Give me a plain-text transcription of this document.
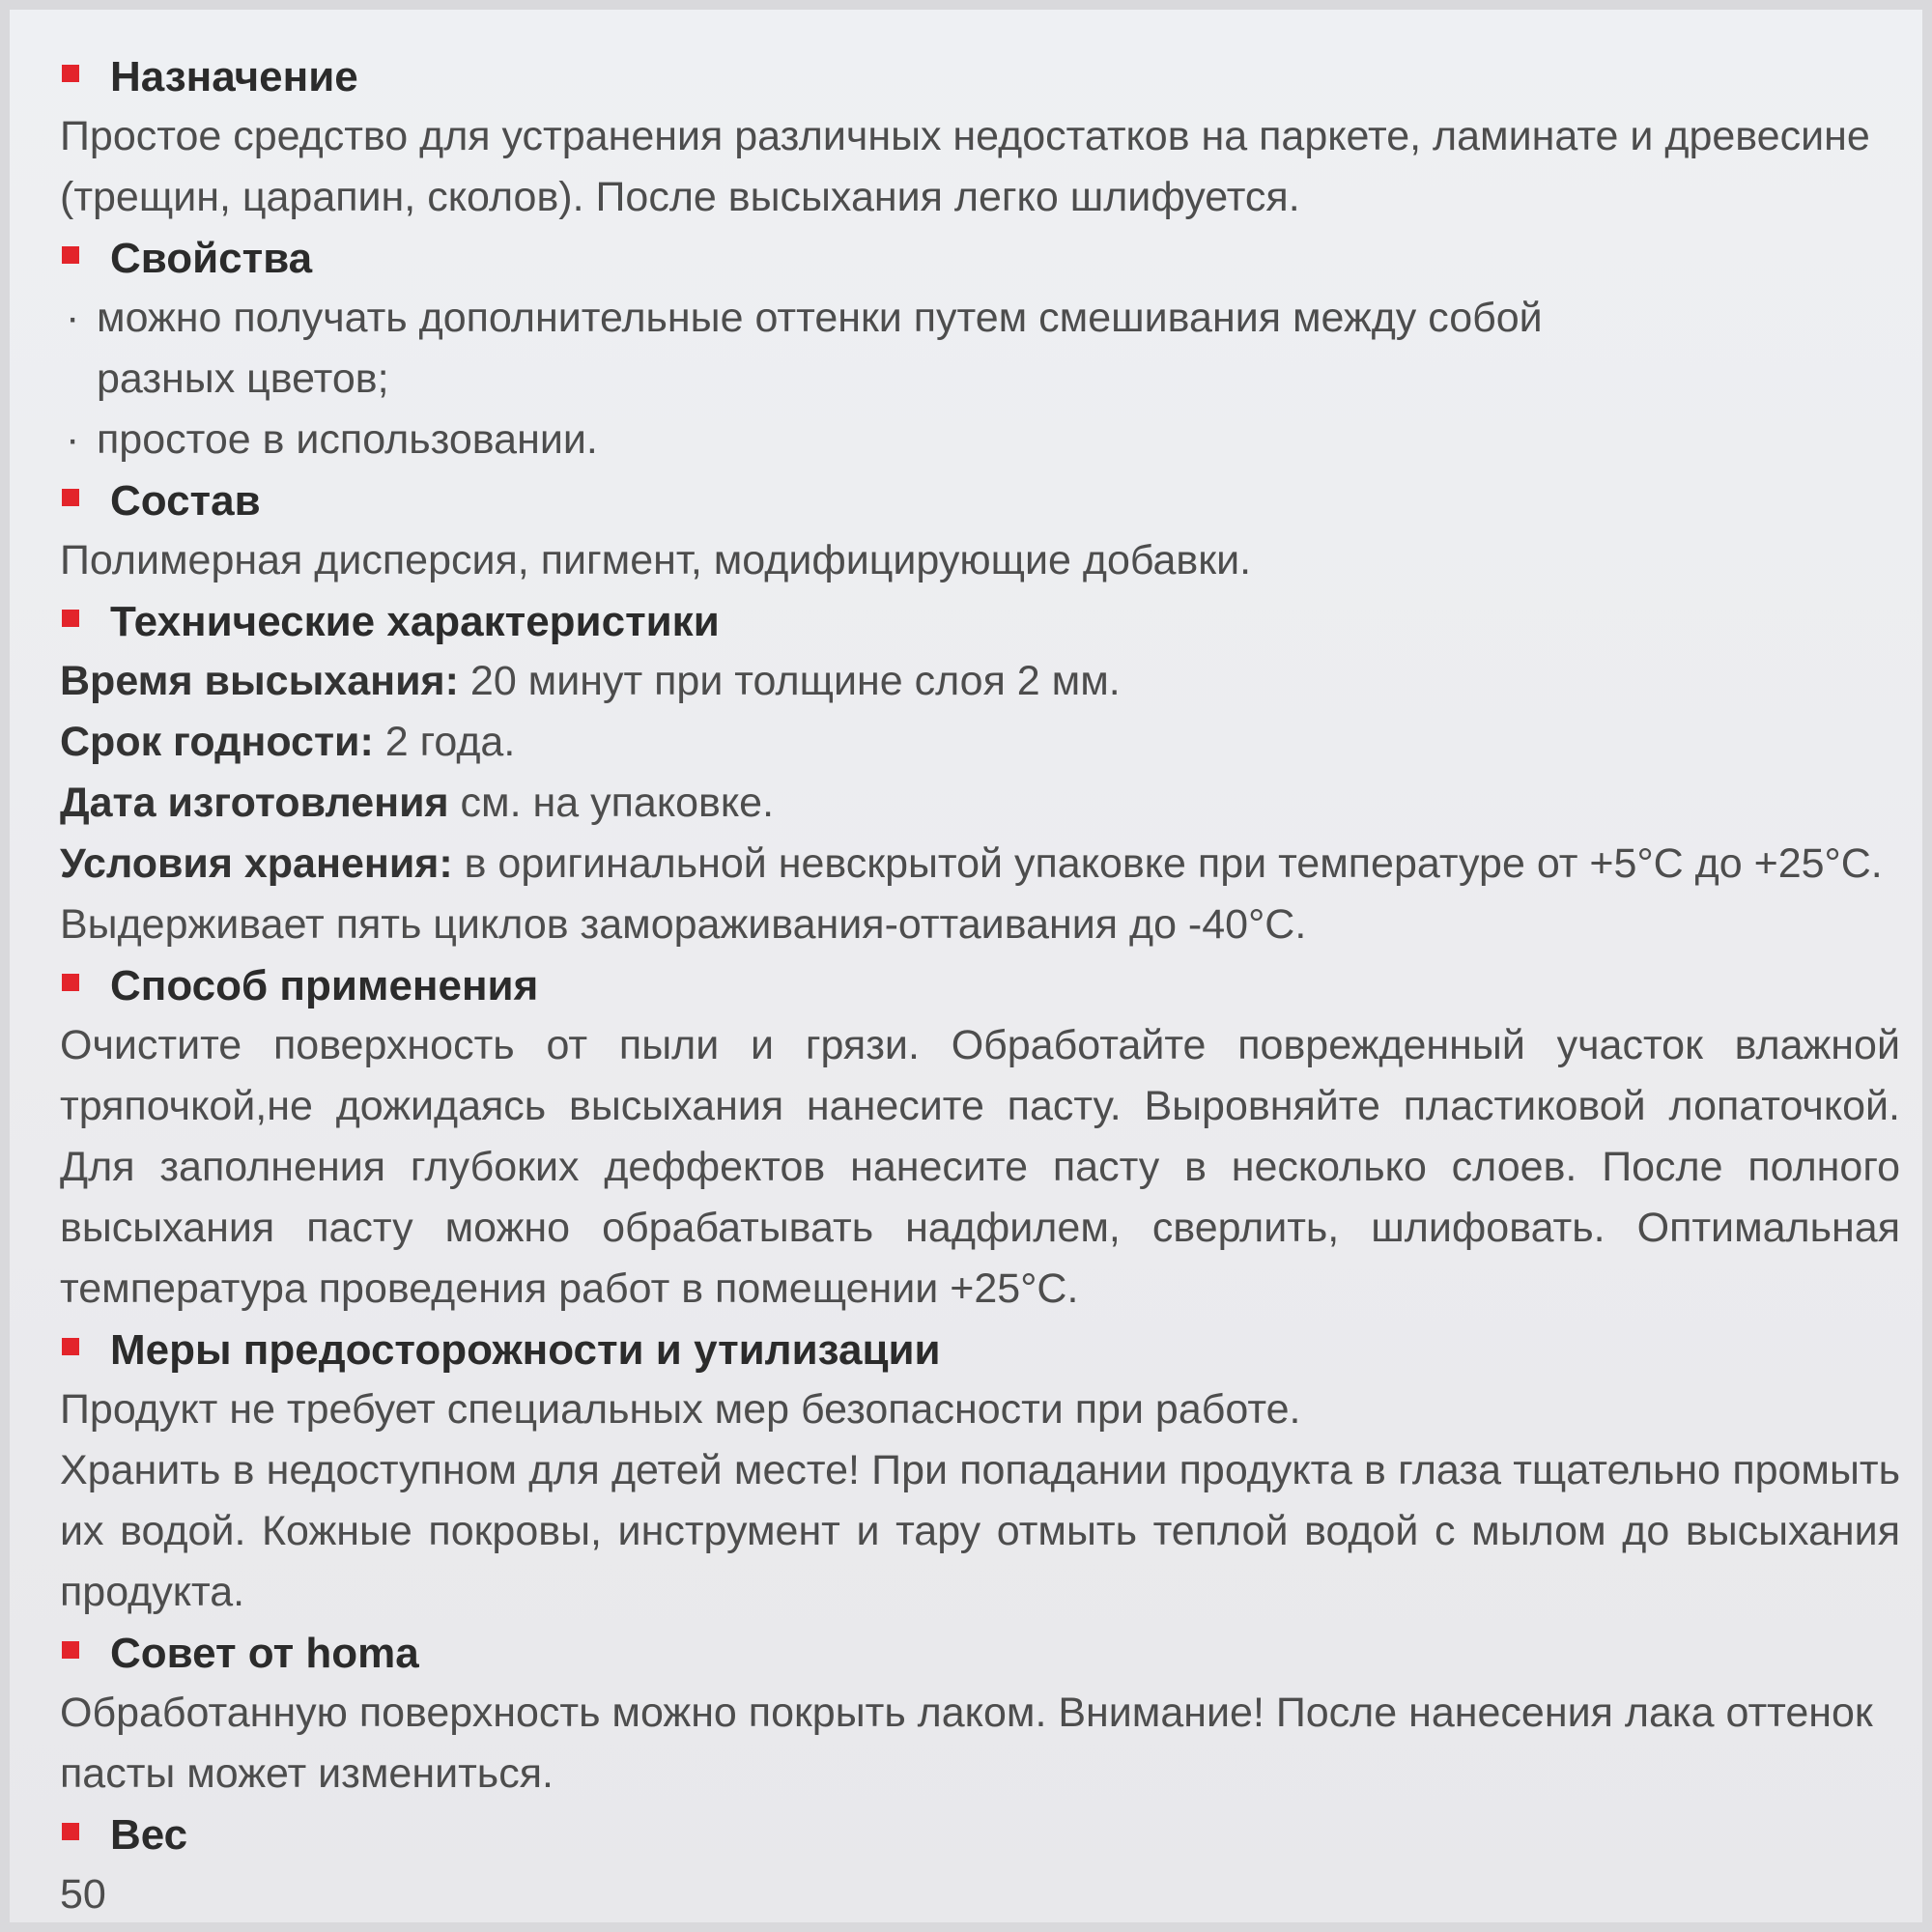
Назначение

Простое средство для устранения различных недостатков на паркете, ламинате и древесине (трещин, царапин, сколов). После высыхания легко шлифуется.

Свойства
· можно получать дополнительные оттенки путем смешивания между собой разных цветов;
· простое в использовании.
Состав

Полимерная дисперсия, пигмент, модифицирующие добавки.

Технические характеристики
Время высыхания: 20 минут при толщине слоя 2 мм.
Срок годности: 2 года.
Дата изготовления см. на упаковке.
Условия хранения: в оригинальной невскрытой упаковке при температуре от +5°С до +25°С. Выдерживает пять циклов замораживания-оттаивания до -40°С.
Способ применения

Очистите поверхность от пыли и грязи. Обработайте поврежденный участок влажной тряпочкой,не дожидаясь высыхания нанесите пасту. Выровняйте пластиковой лопаточкой. Для заполнения глубоких деффектов нанесите пасту в несколько слоев. После полного высыхания пасту можно обрабатывать надфилем, сверлить, шлифовать. Оптимальная температура проведения работ в помещении +25°С.

Меры предосторожности и утилизации

Продукт не требует специальных мер безопасности при работе.

Хранить в недоступном для детей месте! При попадании продукта в глаза тщательно промыть их водой. Кожные покровы, инструмент и тару отмыть теплой водой с мылом до высыхания продукта.

Совет от homa

Обработанную поверхность можно покрыть лаком. Внимание! После нанесения лака оттенок пасты может измениться.

Вес
50
